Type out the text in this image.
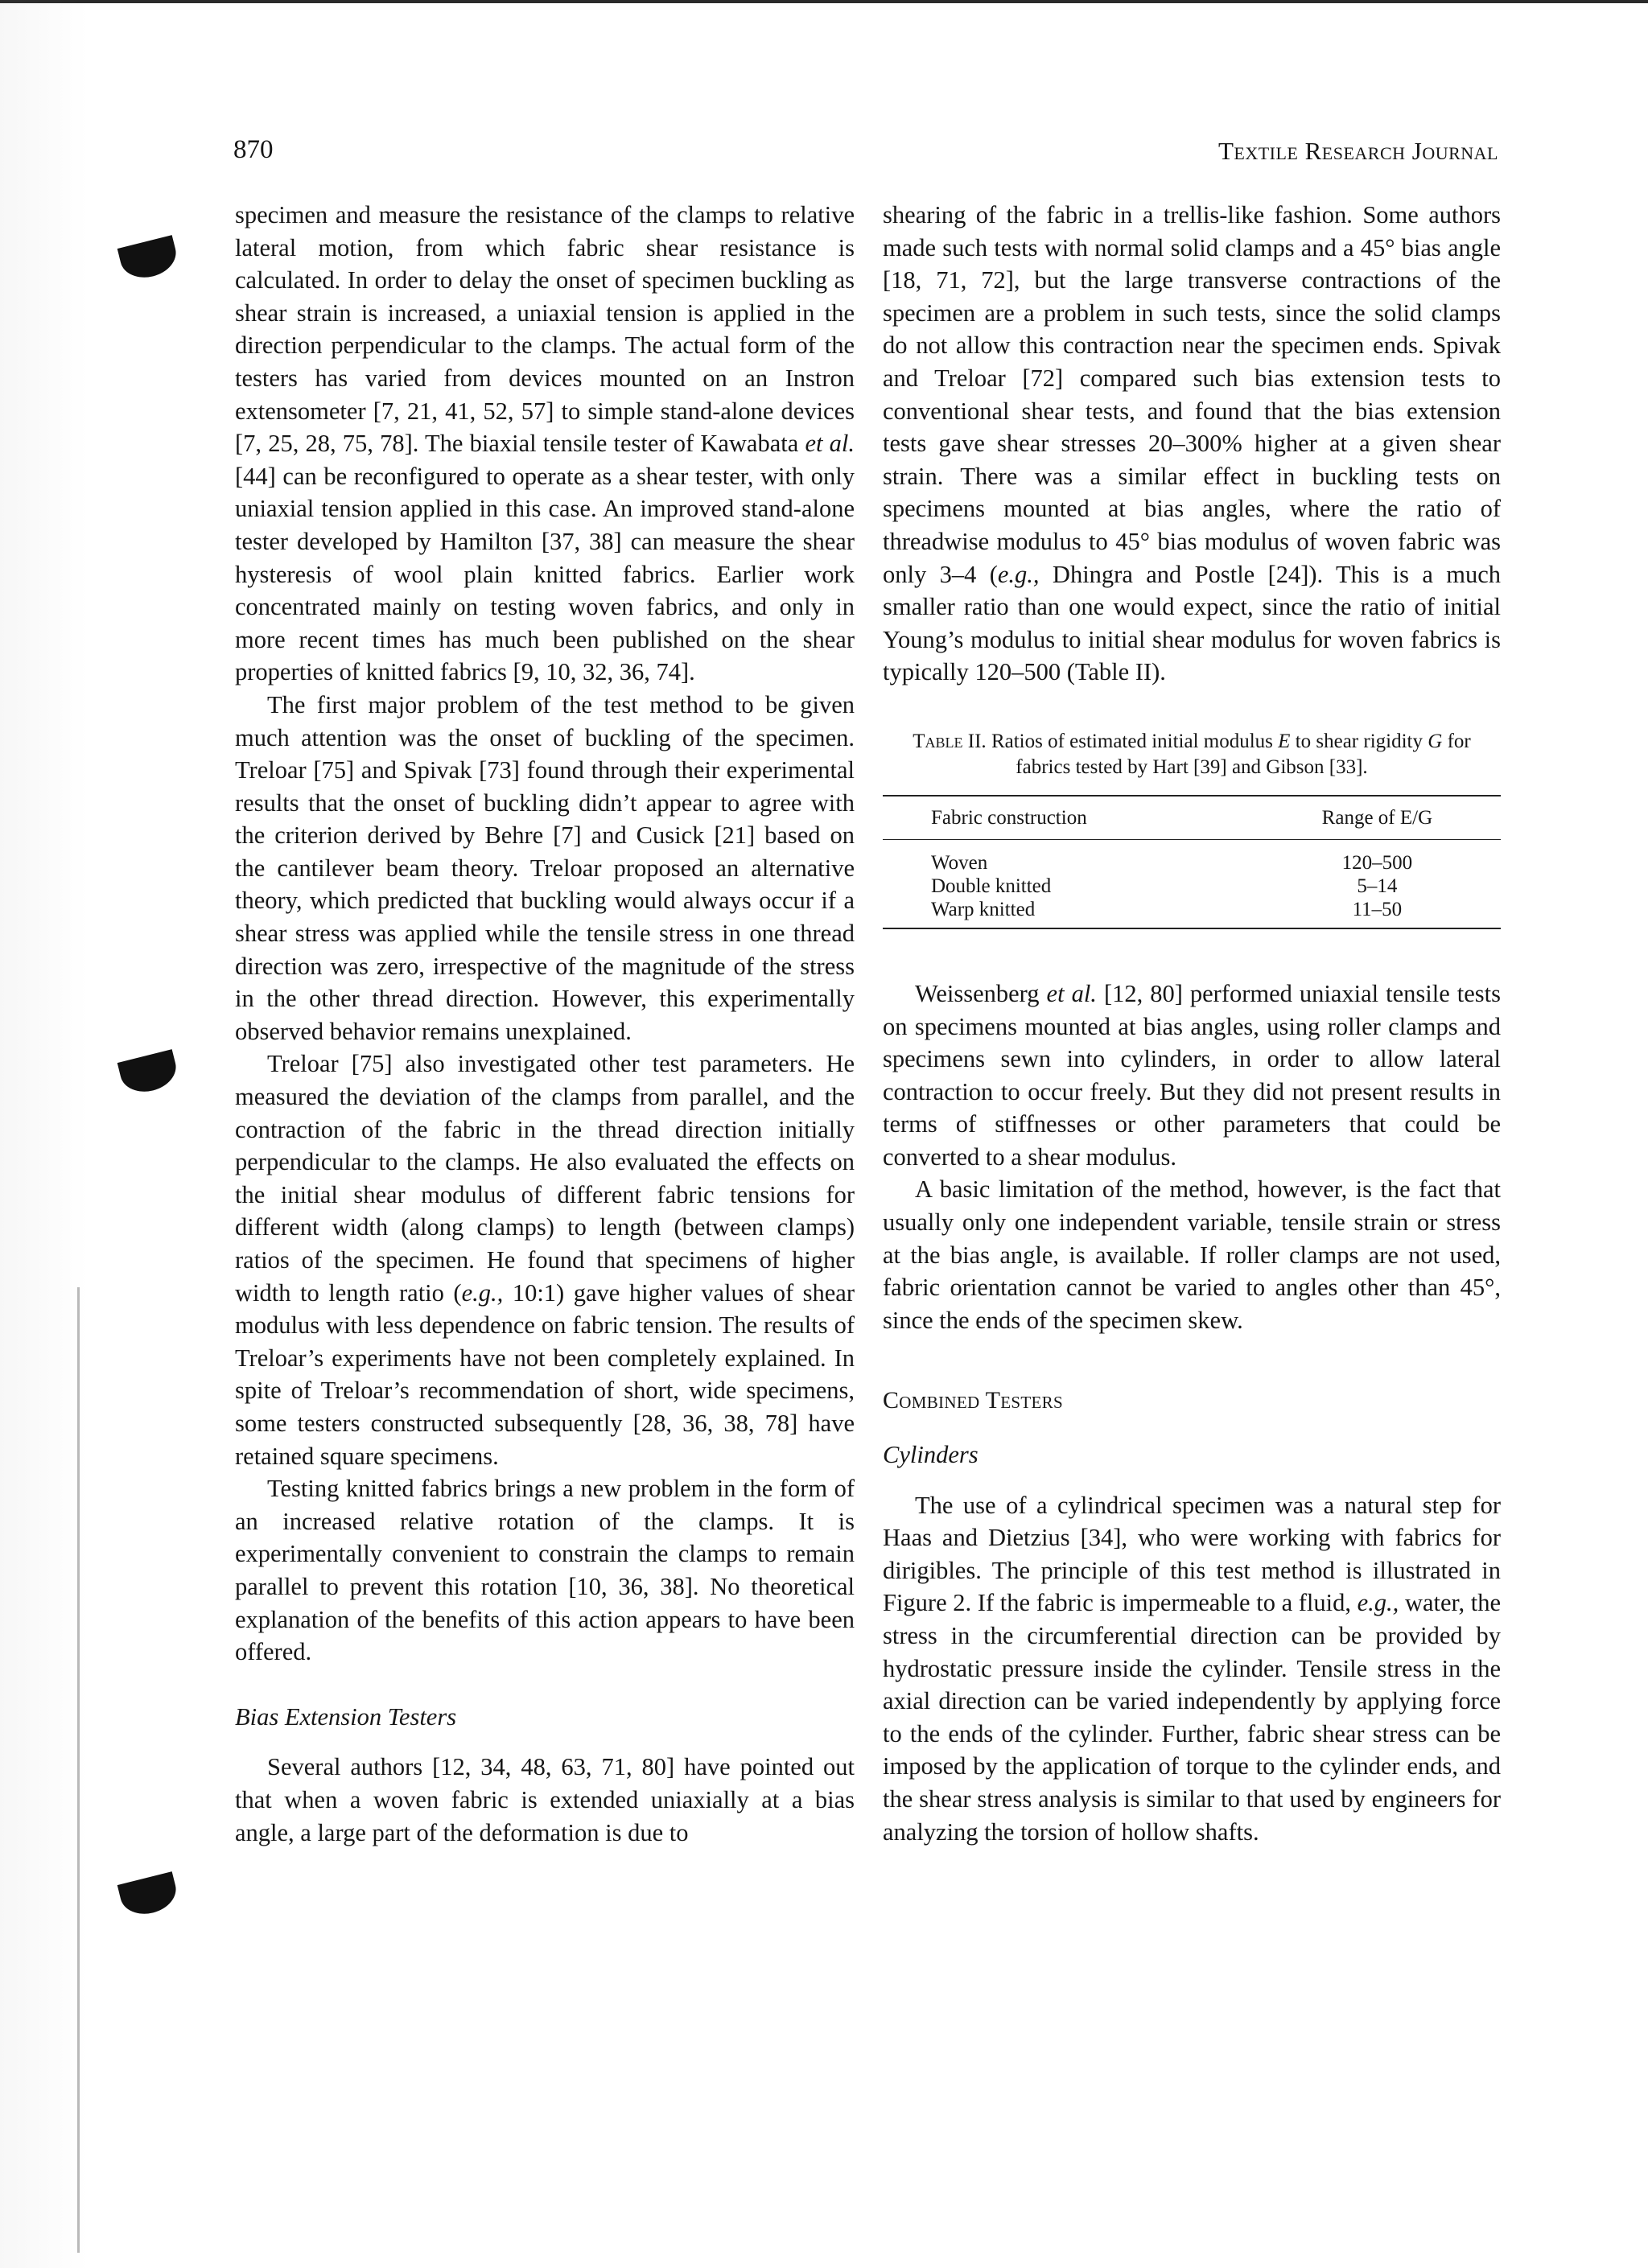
870	Textile Research Journal

specimen and measure the resistance of the clamps to relative lateral motion, from which fabric shear resistance is calculated. In order to delay the onset of specimen buckling as shear strain is increased, a uniaxial tension is applied in the direction perpendicular to the clamps. The actual form of the testers has varied from devices mounted on an Instron extensometer [7, 21, 41, 52, 57] to simple stand-alone devices [7, 25, 28, 75, 78]. The biaxial tensile tester of Kawabata et al. [44] can be reconfigured to operate as a shear tester, with only uniaxial tension applied in this case. An improved stand-alone tester developed by Hamilton [37, 38] can measure the shear hysteresis of wool plain knitted fabrics. Earlier work concentrated mainly on testing woven fabrics, and only in more recent times has much been published on the shear properties of knitted fabrics [9, 10, 32, 36, 74].

The first major problem of the test method to be given much attention was the onset of buckling of the specimen. Treloar [75] and Spivak [73] found through their experimental results that the onset of buckling didn’t appear to agree with the criterion derived by Behre [7] and Cusick [21] based on the cantilever beam theory. Treloar proposed an alternative theory, which predicted that buckling would always occur if a shear stress was applied while the tensile stress in one thread direction was zero, irrespective of the magnitude of the stress in the other thread direction. However, this experimentally observed behavior remains unexplained.

Treloar [75] also investigated other test parameters. He measured the deviation of the clamps from parallel, and the contraction of the fabric in the thread direction initially perpendicular to the clamps. He also evaluated the effects on the initial shear modulus of different fabric tensions for different width (along clamps) to length (between clamps) ratios of the specimen. He found that specimens of higher width to length ratio (e.g., 10:1) gave higher values of shear modulus with less dependence on fabric tension. The results of Treloar’s experiments have not been completely explained. In spite of Treloar’s recommendation of short, wide specimens, some testers constructed subsequently [28, 36, 38, 78] have retained square specimens.

Testing knitted fabrics brings a new problem in the form of an increased relative rotation of the clamps. It is experimentally convenient to constrain the clamps to remain parallel to prevent this rotation [10, 36, 38]. No theoretical explanation of the benefits of this action appears to have been offered.

Bias Extension Testers

Several authors [12, 34, 48, 63, 71, 80] have pointed out that when a woven fabric is extended uniaxially at a bias angle, a large part of the deformation is due to

shearing of the fabric in a trellis-like fashion. Some authors made such tests with normal solid clamps and a 45° bias angle [18, 71, 72], but the large transverse contractions of the specimen are a problem in such tests, since the solid clamps do not allow this contraction near the specimen ends. Spivak and Treloar [72] compared such bias extension tests to conventional shear tests, and found that the bias extension tests gave shear stresses 20–300% higher at a given shear strain. There was a similar effect in buckling tests on specimens mounted at bias angles, where the ratio of threadwise modulus to 45° bias modulus of woven fabric was only 3–4 (e.g., Dhingra and Postle [24]). This is a much smaller ratio than one would expect, since the ratio of initial Young’s modulus to initial shear modulus for woven fabrics is typically 120–500 (Table II).

Table II. Ratios of estimated initial modulus E to shear rigidity G for fabrics tested by Hart [39] and Gibson [33].
Fabric construction	Range of E/G
Woven	120–500
Double knitted	5–14
Warp knitted	11–50

Weissenberg et al. [12, 80] performed uniaxial tensile tests on specimens mounted at bias angles, using roller clamps and specimens sewn into cylinders, in order to allow lateral contraction to occur freely. But they did not present results in terms of stiffnesses or other parameters that could be converted to a shear modulus.

A basic limitation of the method, however, is the fact that usually only one independent variable, tensile strain or stress at the bias angle, is available. If roller clamps are not used, fabric orientation cannot be varied to angles other than 45°, since the ends of the specimen skew.

Combined Testers

Cylinders

The use of a cylindrical specimen was a natural step for Haas and Dietzius [34], who were working with fabrics for dirigibles. The principle of this test method is illustrated in Figure 2. If the fabric is impermeable to a fluid, e.g., water, the stress in the circumferential direction can be provided by hydrostatic pressure inside the cylinder. Tensile stress in the axial direction can be varied independently by applying force to the ends of the cylinder. Further, fabric shear stress can be imposed by the application of torque to the cylinder ends, and the shear stress analysis is similar to that used by engineers for analyzing the torsion of hollow shafts.
